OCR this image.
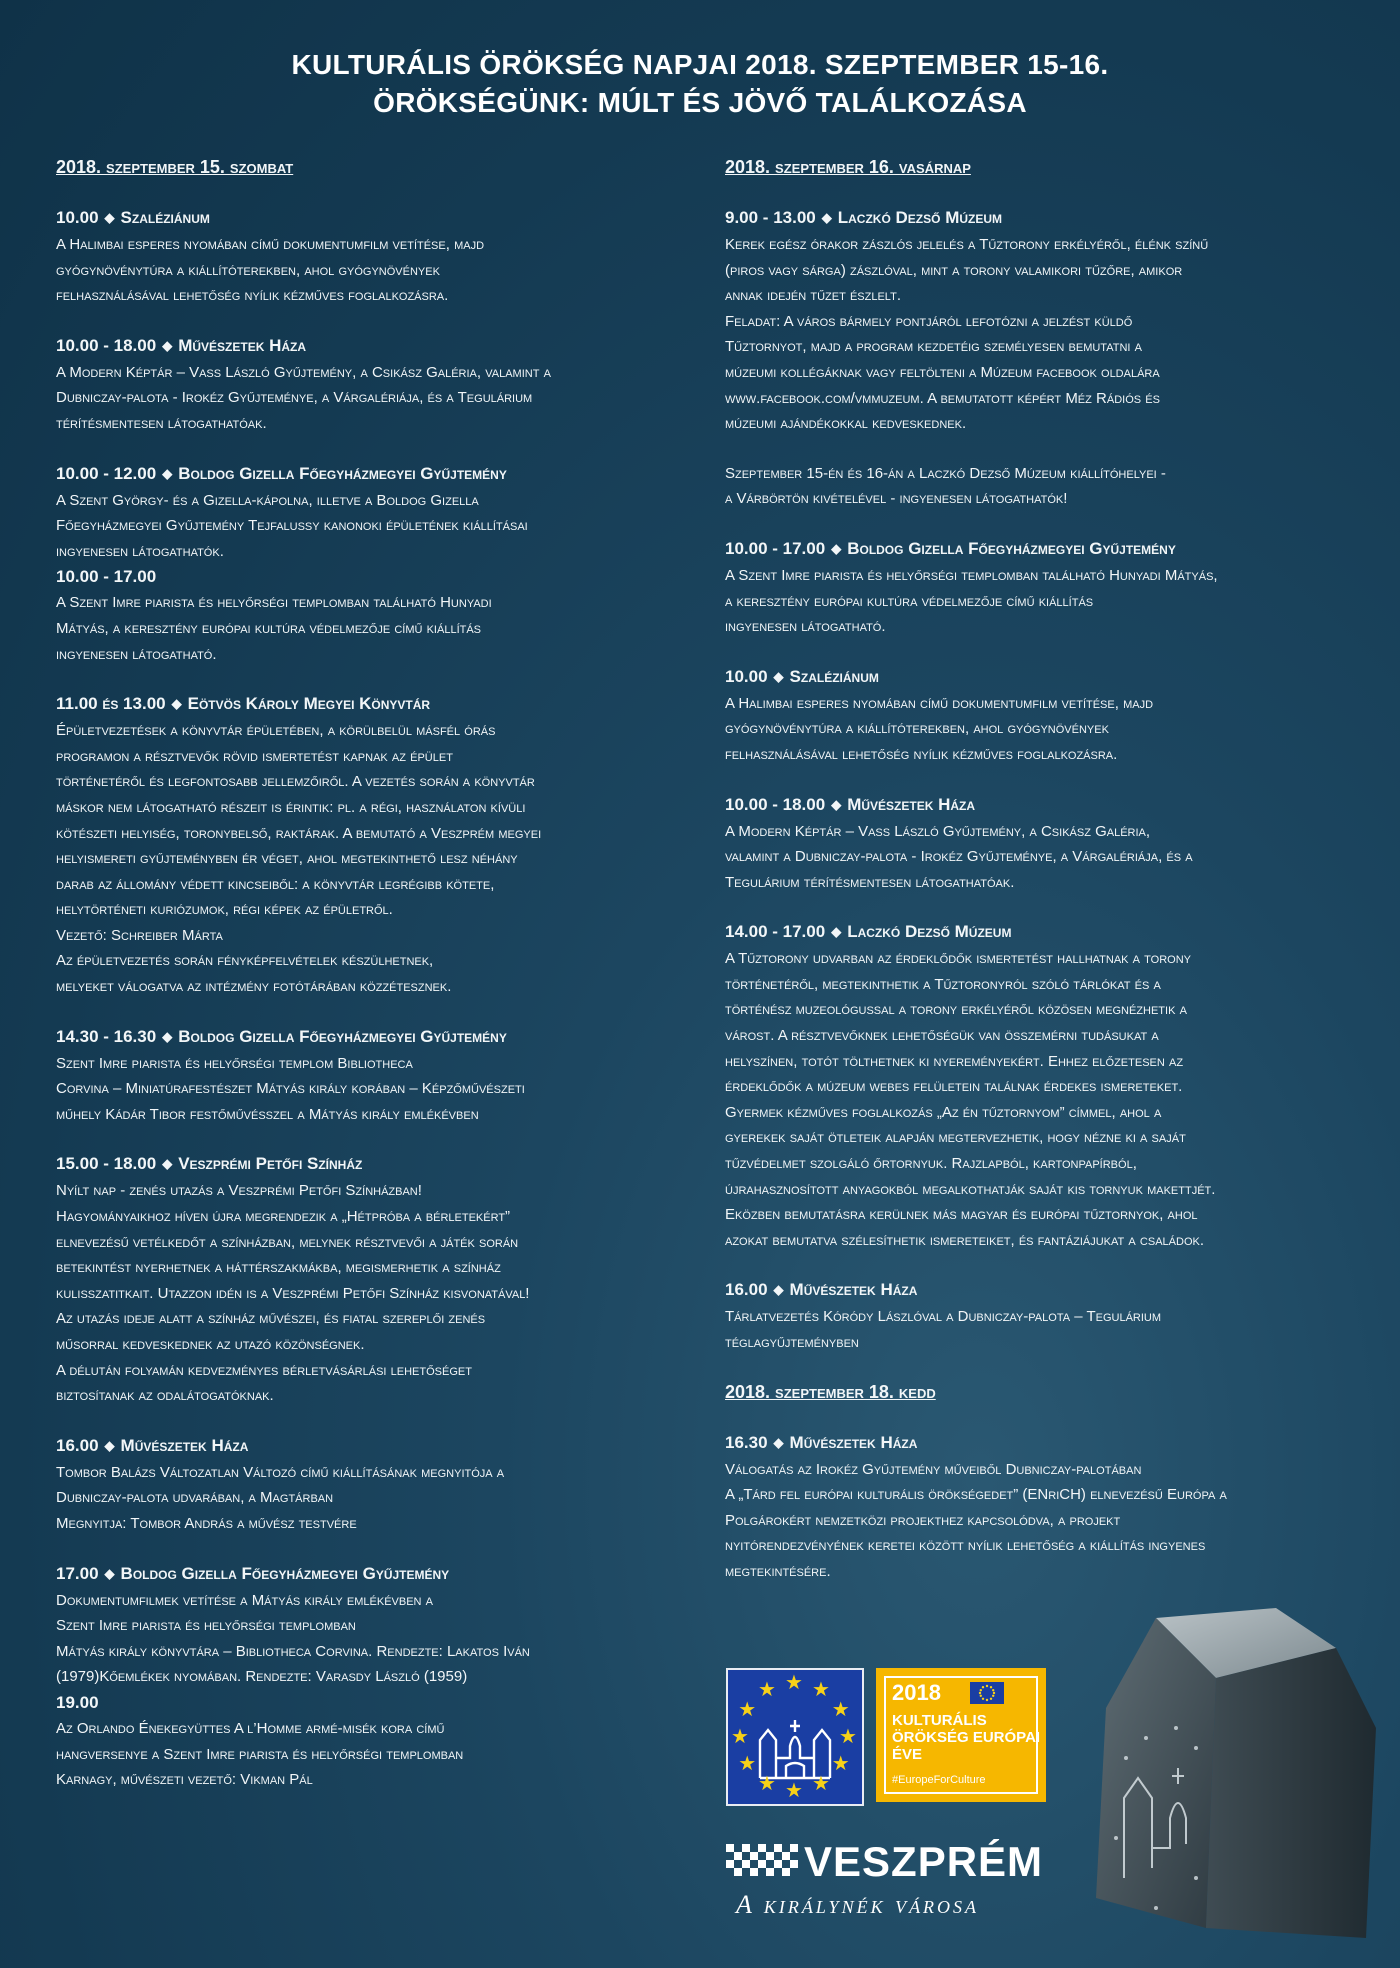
KULTURÁLIS ÖRÖKSÉG NAPJAI 2018. SZEPTEMBER 15-16.
ÖRÖKSÉGÜNK: MÚLT ÉS JÖVŐ TALÁLKOZÁSA
2018. szeptember 15. szombat
10.00 ◆ Szaléziánum
A Halimbai esperes nyomában című dokumentumfilm vetítése, majd
gyógynövénytúra a kiállítóterekben, ahol gyógynövények
felhasználásával lehetőség nyílik kézműves foglalkozásra.
10.00 - 18.00 ◆ Művészetek Háza
A Modern Képtár – Vass László Gyűjtemény, a Csikász Galéria, valamint a
Dubniczay-palota - Irokéz Gyűjteménye, a Várgalériája, és a Tegulárium
térítésmentesen látogathatóak.
10.00 - 12.00 ◆ Boldog Gizella Főegyházmegyei Gyűjtemény
A Szent György- és a Gizella-kápolna, illetve a Boldog Gizella
Főegyházmegyei Gyűjtemény Tejfalussy kanonoki épületének kiállításai
ingyenesen látogathatók.
10.00 - 17.00
A Szent Imre piarista és helyőrségi templomban található Hunyadi
Mátyás, a keresztény európai kultúra védelmezője című kiállítás
ingyenesen látogatható.
11.00 és 13.00 ◆ Eötvös Károly Megyei Könyvtár
Épületvezetések a könyvtár épületében, a körülbelül másfél órás
programon a résztvevők rövid ismertetést kapnak az épület
történetéről és legfontosabb jellemzőiről. A vezetés során a könyvtár
máskor nem látogatható részeit is érintik: pl. a régi, használaton kívüli
kötészeti helyiség, toronybelső, raktárak. A bemutató a Veszprém megyei
helyismereti gyűjteményben ér véget, ahol megtekinthető lesz néhány
darab az állomány védett kincseiből: a könyvtár legrégibb kötete,
helytörténeti kuriózumok, régi képek az épületről.
Vezető: Schreiber Márta
Az épületvezetés során fényképfelvételek készülhetnek,
melyeket válogatva az intézmény fotótárában közzétesznek.
14.30 - 16.30 ◆ Boldog Gizella Főegyházmegyei Gyűjtemény
Szent Imre piarista és helyőrségi templom Bibliotheca
Corvina – Miniatúrafestészet Mátyás király korában – Képzőművészeti
műhely Kádár Tibor festőművésszel a Mátyás király emlékévben
15.00 - 18.00 ◆ Veszprémi Petőfi Színház
Nyílt nap - zenés utazás a Veszprémi Petőfi Színházban!
Hagyományaikhoz híven újra megrendezik a „Hétpróba a bérletekért”
elnevezésű vetélkedőt a színházban, melynek résztvevői a játék során
betekintést nyerhetnek a háttérszakmákba, megismerhetik a színház
kulisszatitkait. Utazzon idén is a Veszprémi Petőfi Színház kisvonatával!
Az utazás ideje alatt a színház művészei, és fiatal szereplői zenés
műsorral kedveskednek az utazó közönségnek.
A délután folyamán kedvezményes bérletvásárlási lehetőséget
biztosítanak az odalátogatóknak.
16.00 ◆ Művészetek Háza
Tombor Balázs Változatlan Változó című kiállításának megnyitója a
Dubniczay-palota udvarában, a Magtárban
Megnyitja: Tombor András a művész testvére
17.00 ◆ Boldog Gizella Főegyházmegyei Gyűjtemény
Dokumentumfilmek vetítése a Mátyás király emlékévben a
Szent Imre piarista és helyőrségi templomban
Mátyás király könyvtára – Bibliotheca Corvina. Rendezte: Lakatos Iván
(1979)Kőemlékek nyomában. Rendezte: Varasdy László (1959)
19.00
Az Orlando Énekegyüttes A l’Homme armé-misék kora című
hangversenye a Szent Imre piarista és helyőrségi templomban
Karnagy, művészeti vezető: Vikman Pál
2018. szeptember 16. vasárnap
9.00 - 13.00 ◆ Laczkó Dezső Múzeum
Kerek egész órakor zászlós jelelés a Tűztorony erkélyéről, élénk színű
(piros vagy sárga) zászlóval, mint a torony valamikori tűzőre, amikor
annak idején tűzet észlelt.
Feladat: A város bármely pontjáról lefotózni a jelzést küldő
Tűztornyot, majd a program kezdetéig személyesen bemutatni a
múzeumi kollégáknak vagy feltölteni a Múzeum facebook oldalára
www.facebook.com/vmmuzeum. A bemutatott képért Méz Rádiós és
múzeumi ajándékokkal kedveskednek.
Szeptember 15-én és 16-án a Laczkó Dezső Múzeum kiállítóhelyei -
a Várbörtön kivételével - ingyenesen látogathatók!
10.00 - 17.00 ◆ Boldog Gizella Főegyházmegyei Gyűjtemény
A Szent Imre piarista és helyőrségi templomban található Hunyadi Mátyás,
a keresztény európai kultúra védelmezője című kiállítás
ingyenesen látogatható.
10.00 ◆ Szaléziánum
A Halimbai esperes nyomában című dokumentumfilm vetítése, majd
gyógynövénytúra a kiállítóterekben, ahol gyógynövények
felhasználásával lehetőség nyílik kézműves foglalkozásra.
10.00 - 18.00 ◆ Művészetek Háza
A Modern Képtár – Vass László Gyűjtemény, a Csikász Galéria,
valamint a Dubniczay-palota - Irokéz Gyűjteménye, a Várgalériája, és a
Tegulárium térítésmentesen látogathatóak.
14.00 - 17.00 ◆ Laczkó Dezső Múzeum
A Tűztorony udvarban az érdeklődők ismertetést hallhatnak a torony
történetéről, megtekinthetik a Tűztoronyról szóló tárlókat és a
történész muzeológussal a torony erkélyéről közösen megnézhetik a
várost. A résztvevőknek lehetőségük van összemérni tudásukat a
helyszínen, totót tölthetnek ki nyereményekért. Ehhez előzetesen az
érdeklődők a múzeum webes felületein találnak érdekes ismereteket.
Gyermek kézműves foglalkozás „Az én tűztornyom” címmel, ahol a
gyerekek saját ötleteik alapján megtervezhetik, hogy nézne ki a saját
tűzvédelmet szolgáló őrtornyuk. Rajzlapból, kartonpapírból,
újrahasznosított anyagokból megalkothatják saját kis tornyuk makettjét.
Eközben bemutatásra kerülnek más magyar és európai tűztornyok, ahol
azokat bemutatva szélesíthetik ismereteiket, és fantáziájukat a családok.
16.00 ◆ Művészetek Háza
Tárlatvezetés Kóródy Lászlóval a Dubniczay-palota – Tegulárium
téglagyűjteményben
2018. szeptember 18. kedd
16.30 ◆ Művészetek Háza
Válogatás az Irokéz Gyűjtemény műveiből Dubniczay-palotában
A „Tárd fel európai kulturális örökségedet” (ENriCH) elnevezésű Európa a
Polgárokért nemzetközi projekthez kapcsolódva, a projekt
nyitórendezvényének keretei között nyílik lehetőség a kiállítás ingyenes
megtekintésére.
★ ★
★
★
★
★
★
★
★
★
★
★	2018
KULTURÁLIS
ÖRÖKSÉG EURÓPAI
ÉVE
#EuropeForCulture
VESZPRÉM
A királynék városa
